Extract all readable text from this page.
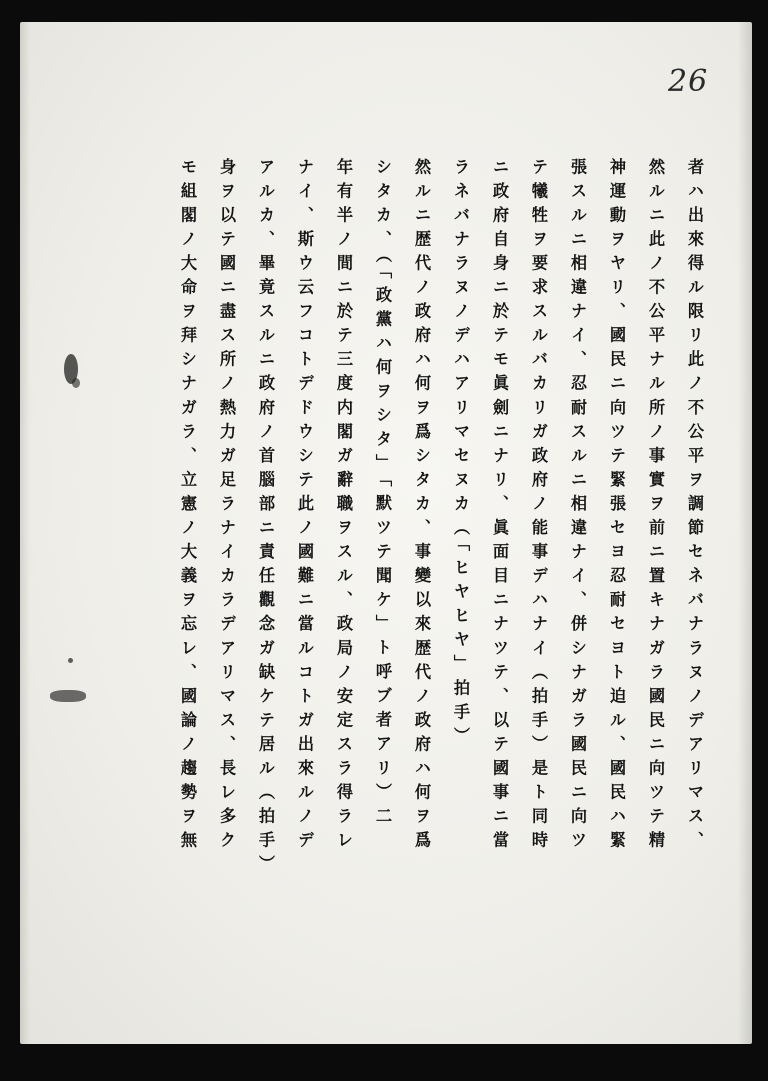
26
者ハ出來得ル限リ此ノ不公平ヲ調節セネバナラヌノデアリマス、
然ルニ此ノ不公平ナル所ノ事實ヲ前ニ置キナガラ國民ニ向ツテ精
神運動ヲヤリ、國民ニ向ツテ緊張セヨ忍耐セヨト迫ル、國民ハ緊
張スルニ相違ナイ、忍耐スルニ相違ナイ、併シナガラ國民ニ向ツ
テ犧牲ヲ要求スルバカリガ政府ノ能事デハナイ（拍手）是ト同時
ニ政府自身ニ於テモ眞劍ニナリ、眞面目ニナツテ、以テ國事ニ當
ラネバナラヌノデハアリマセヌカ（「ヒヤヒヤ」拍手）
然ルニ歴代ノ政府ハ何ヲ爲シタカ、事變以來歴代ノ政府ハ何ヲ爲
シタカ、（「政黨ハ何ヲシタ」「默ツテ聞ケ」ト呼ブ者アリ）二
年有半ノ間ニ於テ三度内閣ガ辭職ヲスル、政局ノ安定スラ得ラレ
ナイ、斯ウ云フコトデドウシテ此ノ國難ニ當ルコトガ出來ルノデ
アルカ、畢竟スルニ政府ノ首腦部ニ責任觀念ガ缺ケテ居ル（拍手）
身ヲ以テ國ニ盡ス所ノ熱力ガ足ラナイカラデアリマス、長レ多ク
モ組閣ノ大命ヲ拜シナガラ、立憲ノ大義ヲ忘レ、國論ノ趨勢ヲ無
